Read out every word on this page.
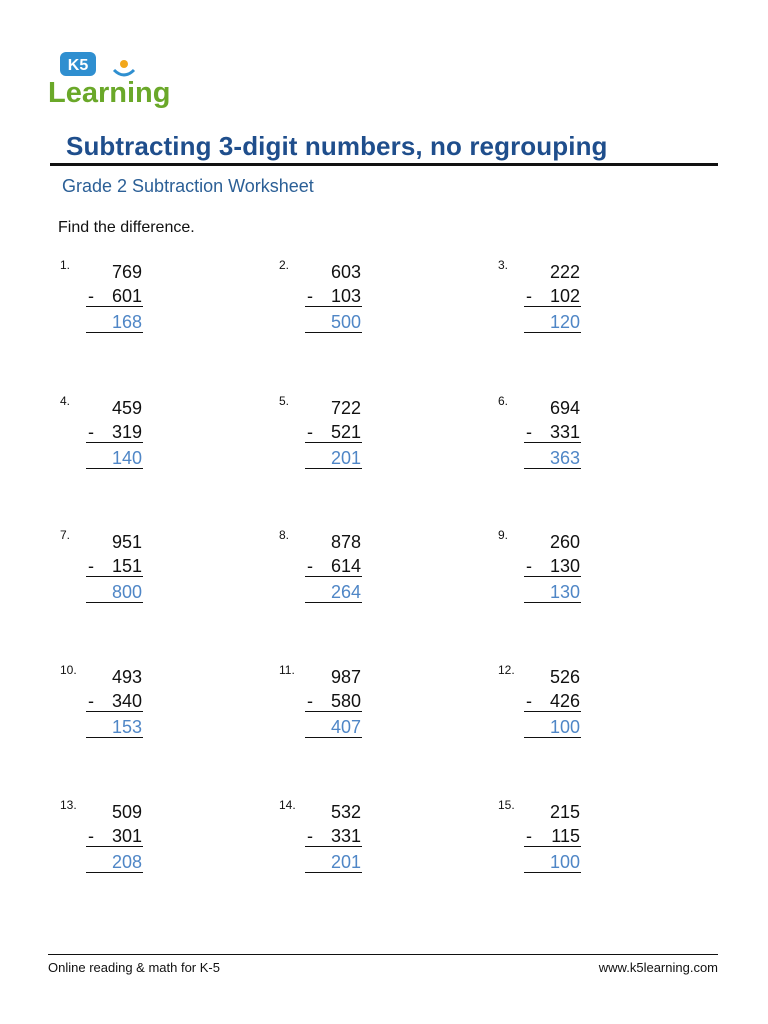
K5
Learning
Subtracting 3-digit numbers, no regrouping
Grade 2 Subtraction Worksheet
Find the difference.
1.	769
- 601
168
2.	603
- 103
500
3.	222
- 102
120
4.	459
- 319
140
5.	722
- 521
201
6.	694
- 331
363
7.	951
- 151
800
8.	878
- 614
264
9.	260
- 130
130
10.	493
- 340
153
11.	987
- 580
407
12.	526
- 426
100
13.	509
- 301
208
14.	532
- 331
201
15.	215
-	115
100
Online reading & math for K-5	www.k5learning.com
